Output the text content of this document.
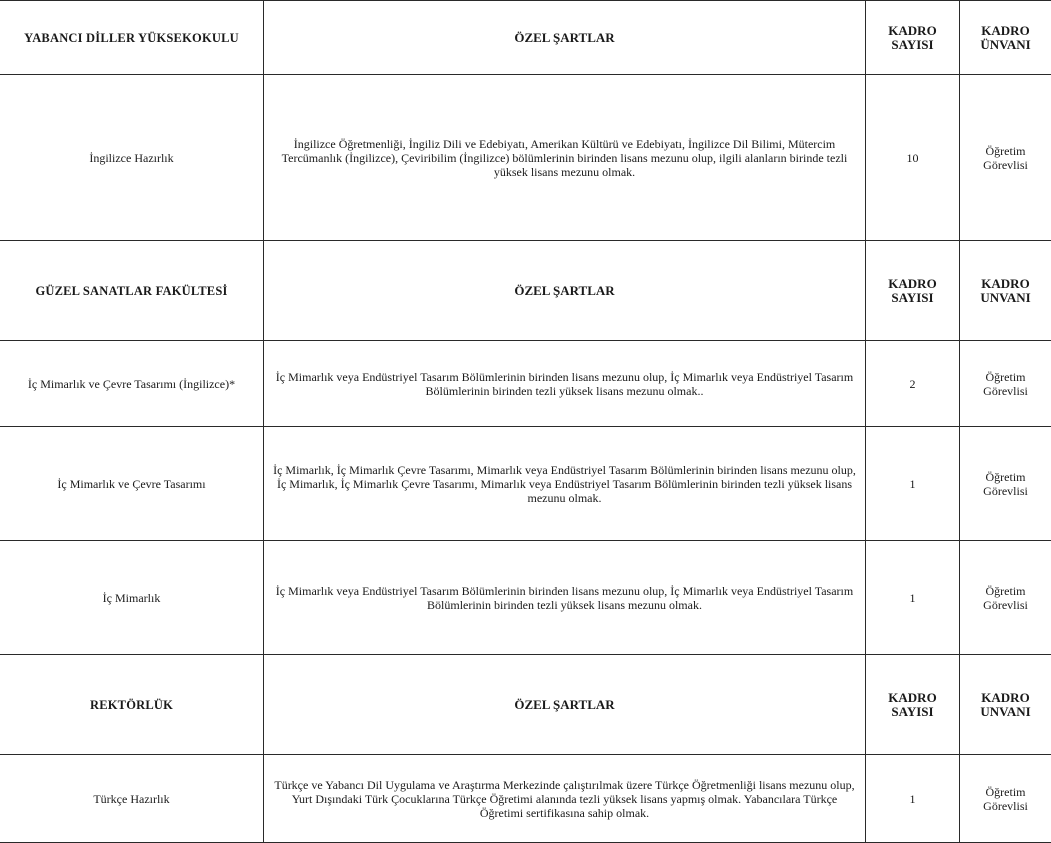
YABANCI DİLLER YÜKSEKOKULU	ÖZEL ŞARTLAR	KADRO SAYISI	KADRO ÜNVANI
İngilizce Hazırlık	İngilizce Öğretmenliği, İngiliz Dili ve Edebiyatı, Amerikan Kültürü ve Edebiyatı, İngilizce Dil Bilimi, Mütercim Tercümanlık (İngilizce), Çeviribilim (İngilizce) bölümlerinin birinden lisans mezunu olup, ilgili alanların birinde tezli yüksek lisans mezunu olmak.	10	Öğretim Görevlisi
GÜZEL SANATLAR FAKÜLTESİ	ÖZEL ŞARTLAR	KADRO SAYISI	KADRO UNVANI
İç Mimarlık ve Çevre Tasarımı (İngilizce)*	İç Mimarlık veya Endüstriyel Tasarım Bölümlerinin birinden lisans mezunu olup, İç Mimarlık veya Endüstriyel Tasarım Bölümlerinin birinden tezli yüksek lisans mezunu olmak..	2	Öğretim Görevlisi
İç Mimarlık ve Çevre Tasarımı	İç Mimarlık, İç Mimarlık Çevre Tasarımı, Mimarlık veya Endüstriyel Tasarım Bölümlerinin birinden lisans mezunu olup, İç Mimarlık, İç Mimarlık Çevre Tasarımı, Mimarlık veya Endüstriyel Tasarım Bölümlerinin birinden tezli yüksek lisans mezunu olmak.	1	Öğretim Görevlisi
İç Mimarlık	İç Mimarlık veya Endüstriyel Tasarım Bölümlerinin birinden lisans mezunu olup, İç Mimarlık veya Endüstriyel Tasarım Bölümlerinin birinden tezli yüksek lisans mezunu olmak.	1	Öğretim Görevlisi
REKTÖRLÜK	ÖZEL ŞARTLAR	KADRO SAYISI	KADRO UNVANI
Türkçe Hazırlık	Türkçe ve Yabancı Dil Uygulama ve Araştırma Merkezinde çalıştırılmak üzere Türkçe Öğretmenliği lisans mezunu olup, Yurt Dışındaki Türk Çocuklarına Türkçe Öğretimi alanında tezli yüksek lisans yapmış olmak. Yabancılara Türkçe Öğretimi sertifikasına sahip olmak.	1	Öğretim Görevlisi
